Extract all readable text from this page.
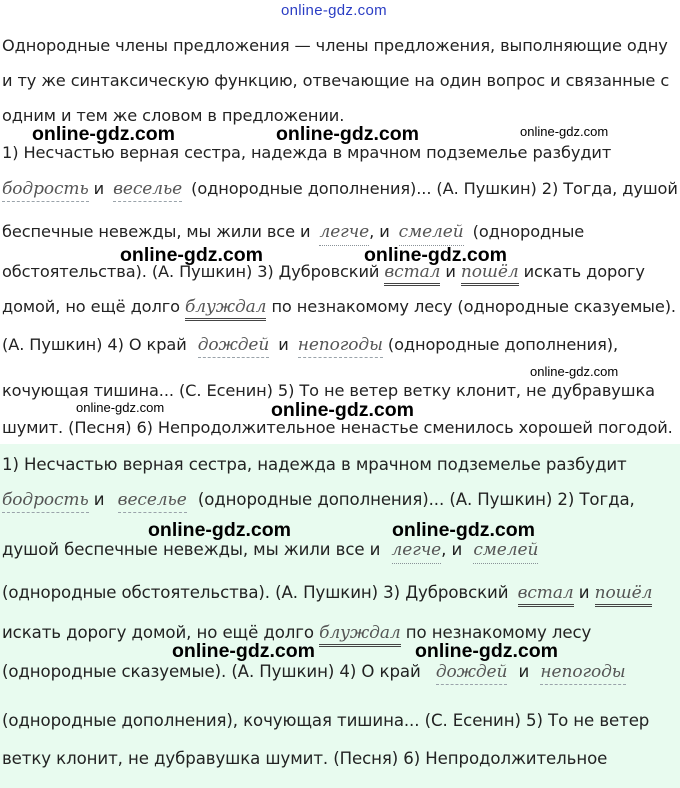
online-gdz.com
Однородные члены предложения — члены предложения, выполняющие одну
и ту же синтаксическую функцию, отвечающие на один вопрос и связанные с
одним и тем же словом в предложении.
1) Несчастью верная сестра, надежда в мрачном подземелье разбудит
бодрость и веселье (однородные дополнения)... (А. Пушкин) 2) Тогда, душой
беспечные невежды, мы жили все и легче, и смелей (однородные
обстоятельства). (А. Пушкин) 3) Дубровский встал и пошёл искать дорогу
домой, но ещё долго блуждал по незнакомому лесу (однородные сказуемые).
(А. Пушкин) 4) О край дождей и непогоды (однородные дополнения),
кочующая тишина... (С. Есенин) 5) То не ветер ветку клонит, не дубравушка
шумит. (Песня) 6) Непродолжительное ненастье сменилось хорошей погодой.
1) Несчастью верная сестра, надежда в мрачном подземелье разбудит
бодрость и веселье (однородные дополнения)... (А. Пушкин) 2) Тогда,
душой беспечные невежды, мы жили все и легче, и смелей
(однородные обстоятельства). (А. Пушкин) 3) Дубровский встал и пошёл
искать дорогу домой, но ещё долго блуждал по незнакомому лесу
(однородные сказуемые). (А. Пушкин) 4) О край дождей и непогоды
(однородные дополнения), кочующая тишина... (С. Есенин) 5) То не ветер
ветку клонит, не дубравушка шумит. (Песня) 6) Непродолжительное
online-gdz.com	online-gdz.com	online-gdz.com
online-gdz.com	online-gdz.com
online-gdz.com
online-gdz.com	online-gdz.com
online-gdz.com	online-gdz.com
online-gdz.com	online-gdz.com
